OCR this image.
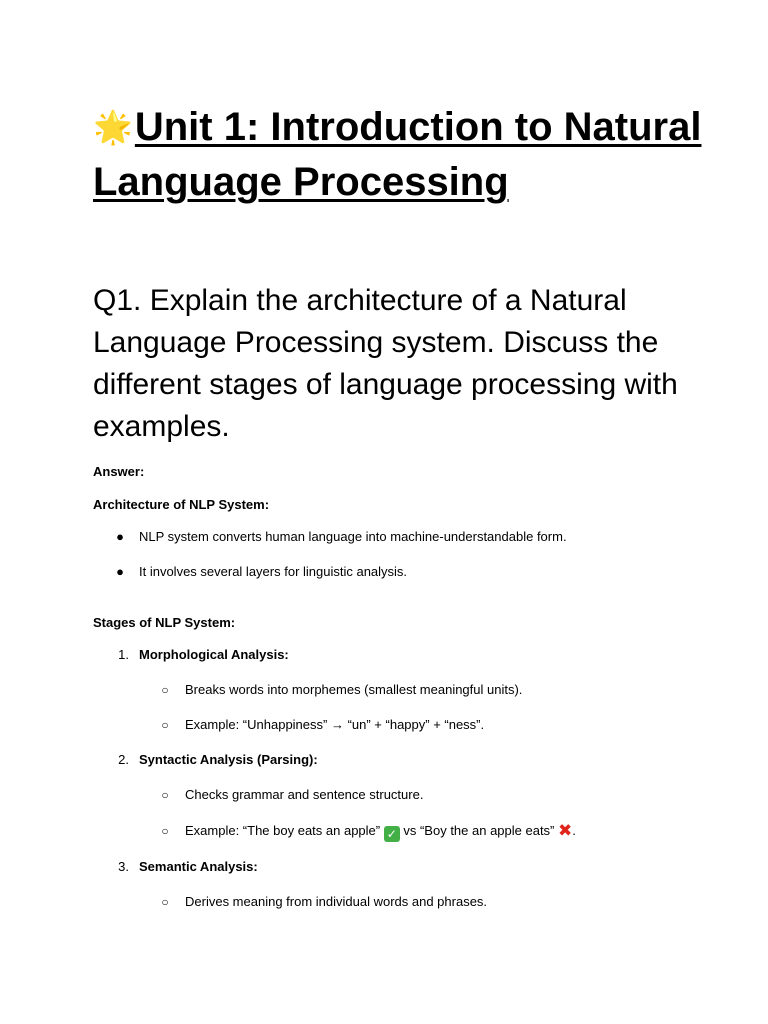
🌟Unit 1: Introduction to Natural Language Processing
Q1. Explain the architecture of a Natural Language Processing system. Discuss the different stages of language processing with examples.

Answer:

Architecture of NLP System:

● NLP system converts human language into machine-understandable form.
● It involves several layers for linguistic analysis.

Stages of NLP System:

1. Morphological Analysis:
○ Breaks words into morphemes (smallest meaningful units).
○ Example: “Unhappiness” → “un” + “happy” + “ness”.
2. Syntactic Analysis (Parsing):
○ Checks grammar and sentence structure.
○ Example: “The boy eats an apple” ✓ vs “Boy the an apple eats” ✖.
3. Semantic Analysis:
○ Derives meaning from individual words and phrases.
